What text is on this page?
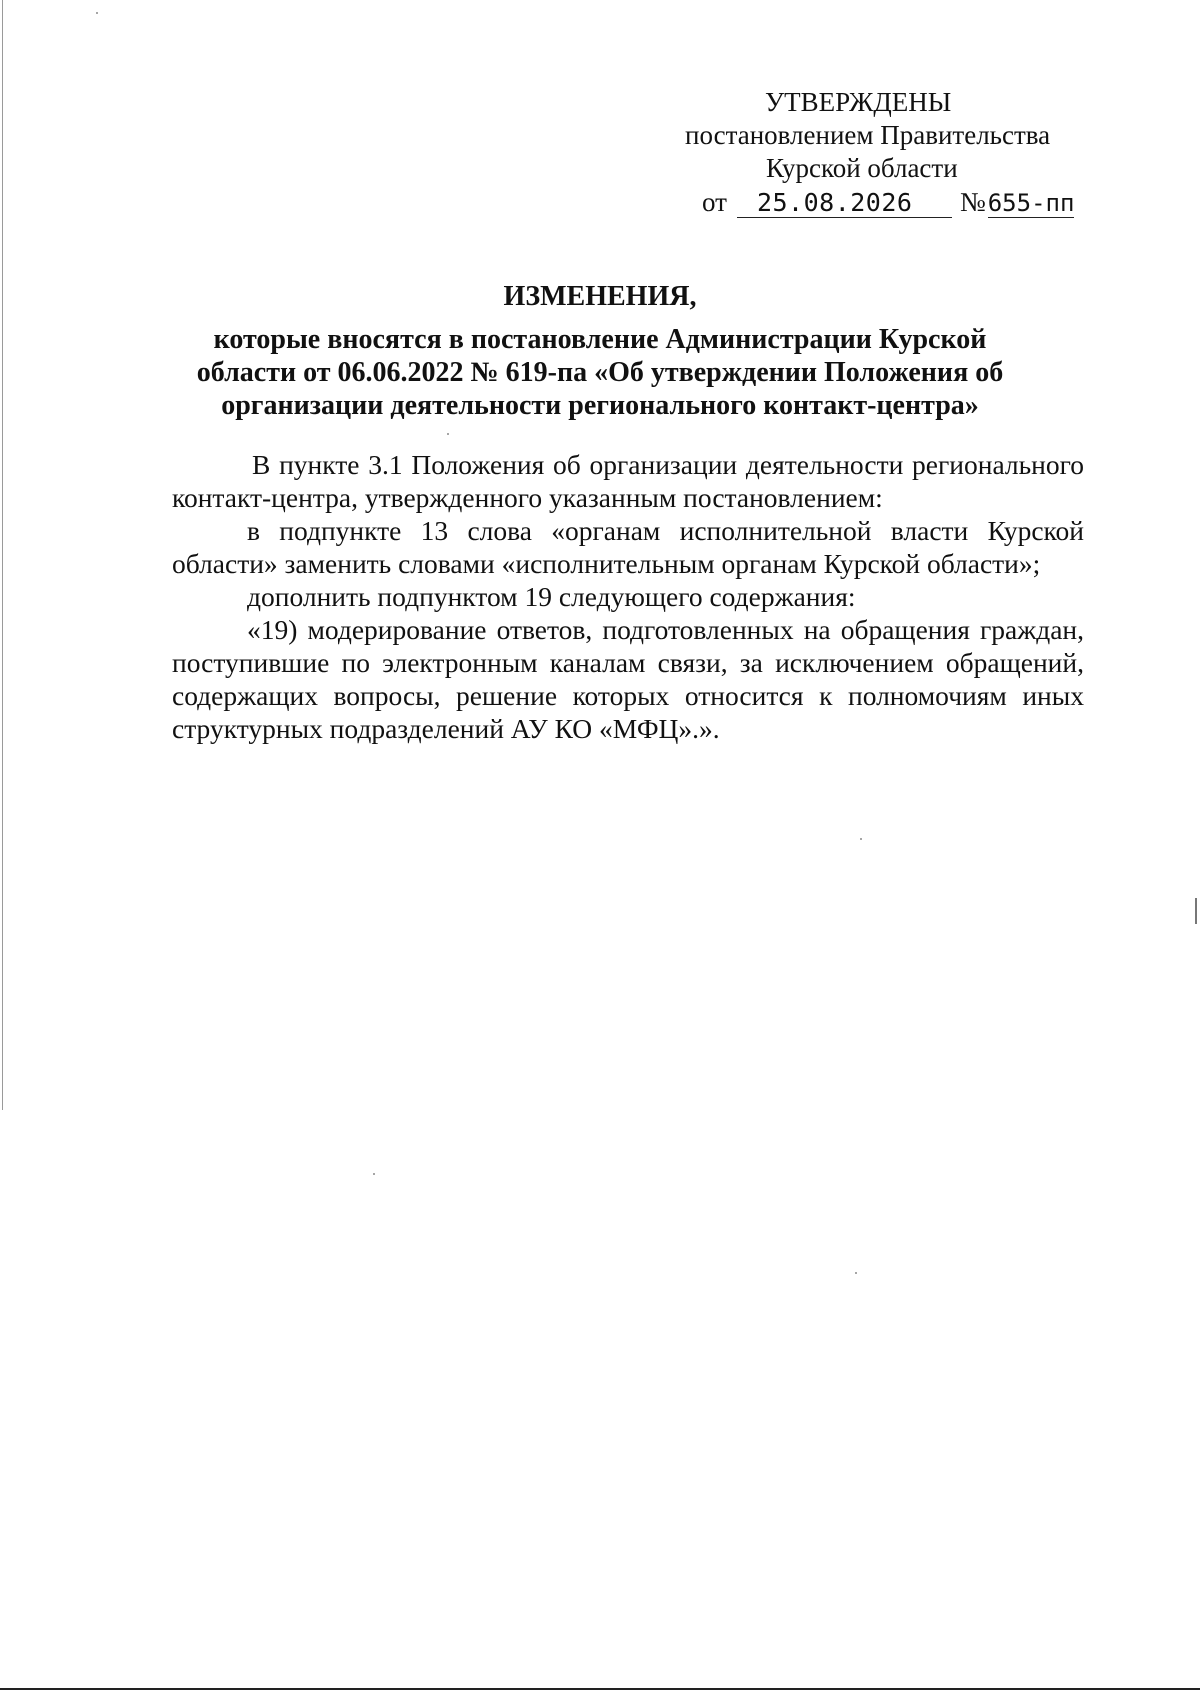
УТВЕРЖДЕНЫ
постановлением Правительства
Курской области
от 25.08.2026 №655-пп
ИЗМЕНЕНИЯ,
которые вносятся в постановление Администрации Курской
области от 06.06.2022 № 619-па «Об утверждении Положения об
организации деятельности регионального контакт-центра»

В пункте 3.1 Положения об организации деятельности регионального контакт-центра, утвержденного указанным постановлением:

в подпункте 13 слова «органам исполнительной власти Курской области» заменить словами «исполнительным органам Курской области»;

дополнить подпунктом 19 следующего содержания:

«19) модерирование ответов, подготовленных на обращения граждан, поступившие по электронным каналам связи, за исключением обращений, содержащих вопросы, решение которых относится к полномочиям иных структурных подразделений АУ КО «МФЦ».».
